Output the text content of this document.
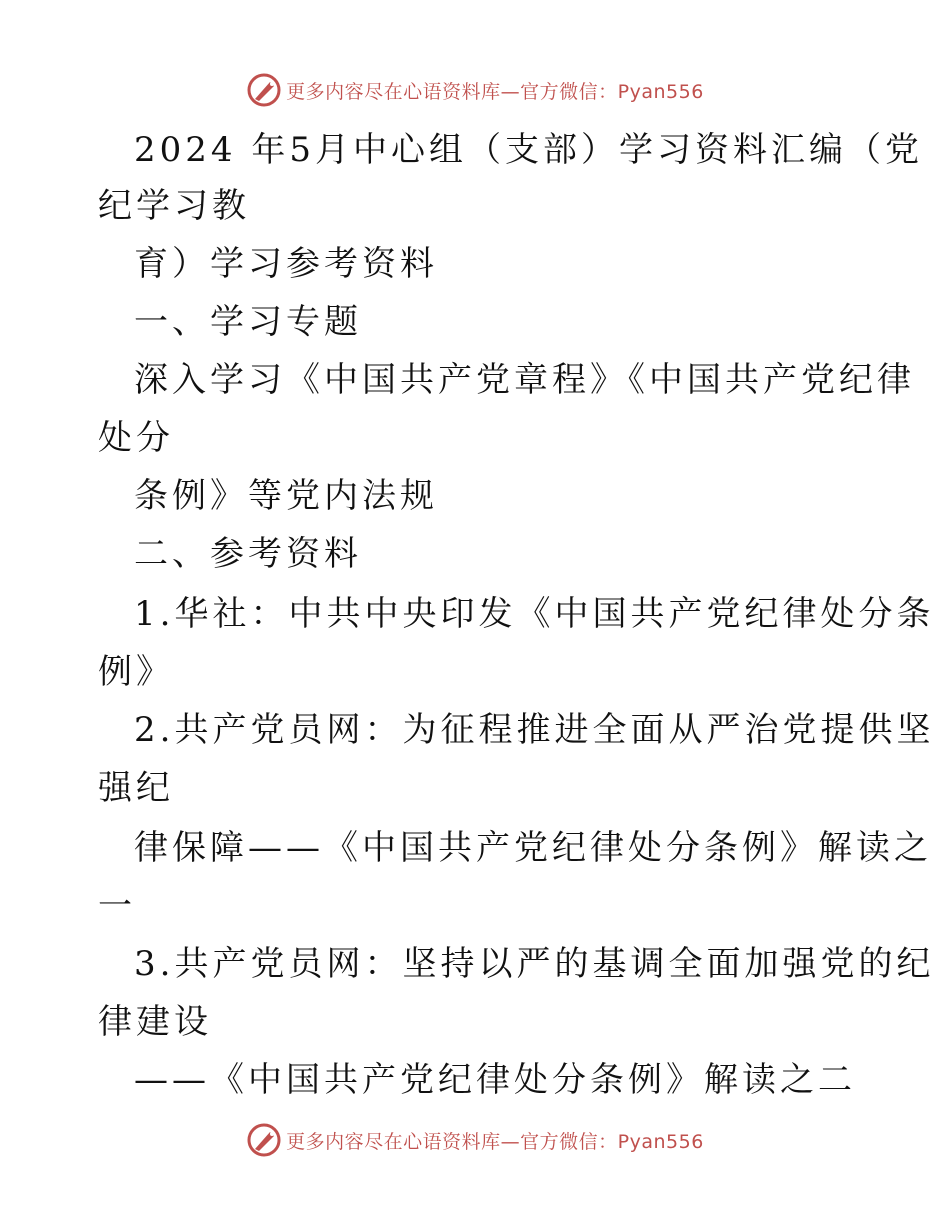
更多内容尽在心语资料库—官方微信：Pyan556
2024 年5月中心组（支部）学习资料汇编（党
纪学习教
育）学习参考资料
一、学习专题
深入学习《中国共产党章程》《中国共产党纪律
处分
条例》等党内法规
二、参考资料
1.华社：中共中央印发《中国共产党纪律处分条
例》
2.共产党员网：为征程推进全面从严治党提供坚
强纪
律保障——《中国共产党纪律处分条例》解读之
一
3.共产党员网：坚持以严的基调全面加强党的纪
律建设
——《中国共产党纪律处分条例》解读之二
更多内容尽在心语资料库—官方微信：Pyan556
